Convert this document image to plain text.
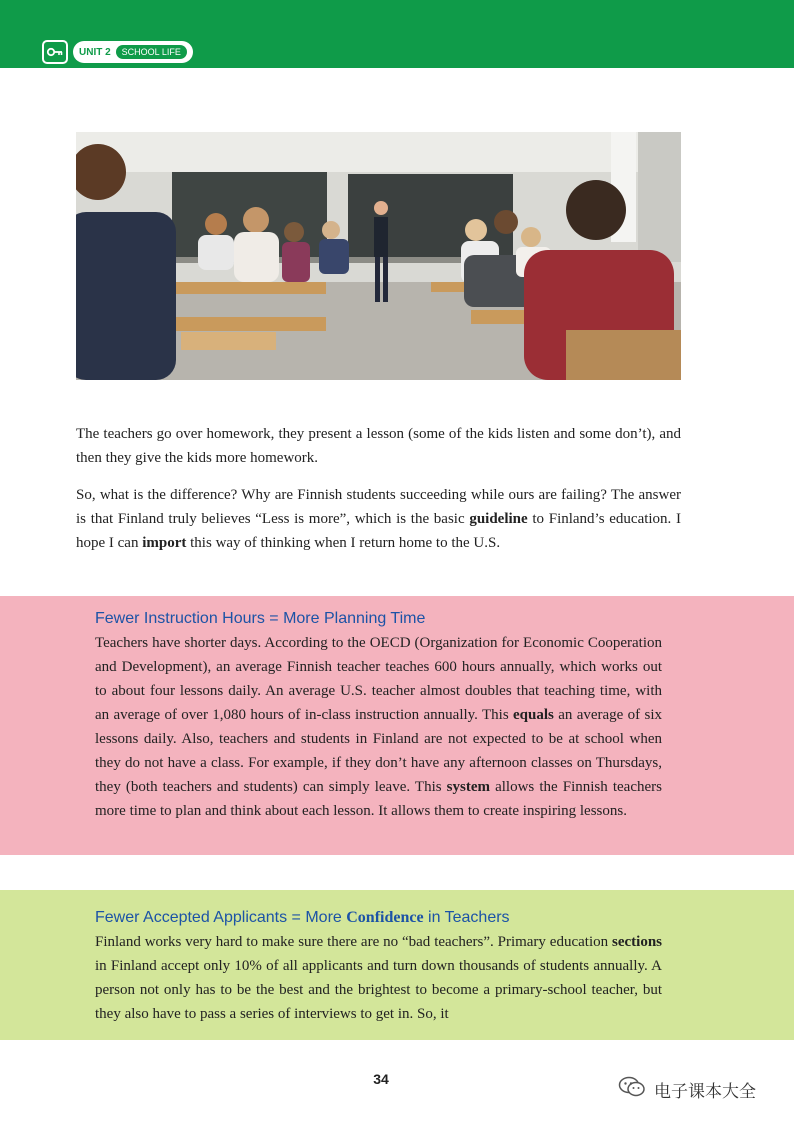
UNIT 2	SCHOOL LIFE

The teachers go over homework, they present a lesson (some of the kids listen and some don’t), and then they give the kids more homework.

So, what is the difference? Why are Finnish students succeeding while ours are failing? The answer is that Finland truly believes “Less is more”, which is the basic guideline to Finland’s education. I hope I can import this way of thinking when I return home to the U.S.

Fewer Instruction Hours = More Planning Time

Teachers have shorter days. According to the OECD (Organization for Economic Cooperation and Development), an average Finnish teacher teaches 600 hours annually, which works out to about four lessons daily. An average U.S. teacher almost doubles that teaching time, with an average of over 1,080 hours of in-class instruction annually. This equals an average of six lessons daily. Also, teachers and students in Finland are not expected to be at school when they do not have a class. For example, if they don’t have any afternoon classes on Thursdays, they (both teachers and students) can simply leave. This system allows the Finnish teachers more time to plan and think about each lesson. It allows them to create inspiring lessons.

Fewer Accepted Applicants = More Confidence in Teachers

Finland works very hard to make sure there are no “bad teachers”. Primary education sections in Finland accept only 10% of all applicants and turn down thousands of students annually. A person not only has to be the best and the brightest to become a primary-school teacher, but they also have to pass a series of interviews to get in. So, it

34
电子课本大全
